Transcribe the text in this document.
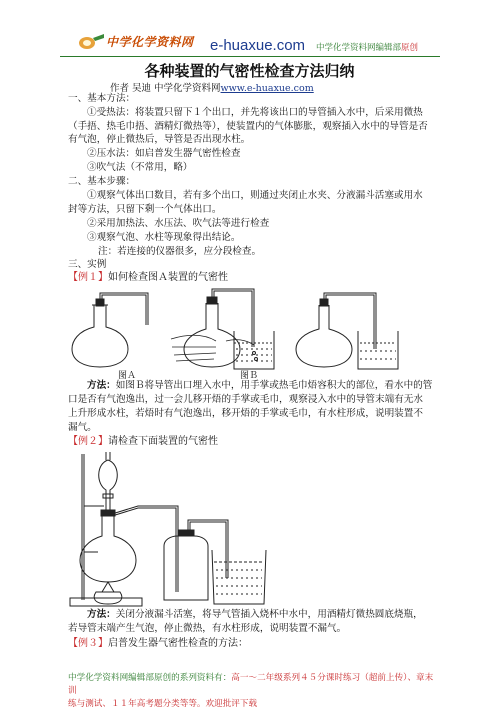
中学化学资料网 e-huaxue.com 中学化学资料网编辑部原创
各种装置的气密性检查方法归纳
作者 吴迪 中学化学资料网www.e-huaxue.com
一、基本方法：
①受热法：将装置只留下１个出口，并先将该出口的导管插入水中，后采用微热
（手捂、热毛巾捂、酒精灯微热等），使装置内的气体膨胀，观察插入水中的导管是否
有气泡，停止微热后，导管是否出现水柱。
②压水法：如启普发生器气密性检查
③吹气法（不常用，略）
二、基本步骤：
①观察气体出口数目，若有多个出口，则通过夹闭止水夹、分液漏斗活塞或用水
封等方法，只留下剩一个气体出口。
②采用加热法、水压法、吹气法等进行检查
③观察气泡、水柱等现象得出结论。
注：若连接的仪器很多，应分段检查。
三、实例
【例１】如何检查图Ａ装置的气密性
图Ａ	图Ｂ
方法：如图Ｂ将导管出口埋入水中，用手掌或热毛巾焐容积大的部位，看水中的管
口是否有气泡逸出，过一会儿移开焐的手掌或毛巾，观察浸入水中的导管末端有无水
上升形成水柱，若焐时有气泡逸出，移开焐的手掌或毛巾，有水柱形成，说明装置不
漏气。
【例２】请检查下面装置的气密性
方法：关闭分液漏斗活塞，将导气管插入烧杯中水中，用酒精灯微热圆底烧瓶，
若导管末端产生气泡，停止微热，有水柱形成，说明装置不漏气。
【例３】启普发生器气密性检查的方法：
中学化学资料网编辑部原创的系列资料有：高一～二年级系列４５分课时练习（超前上传）、章末训
练与测试、１１年高考题分类等等。欢迎批评下载
